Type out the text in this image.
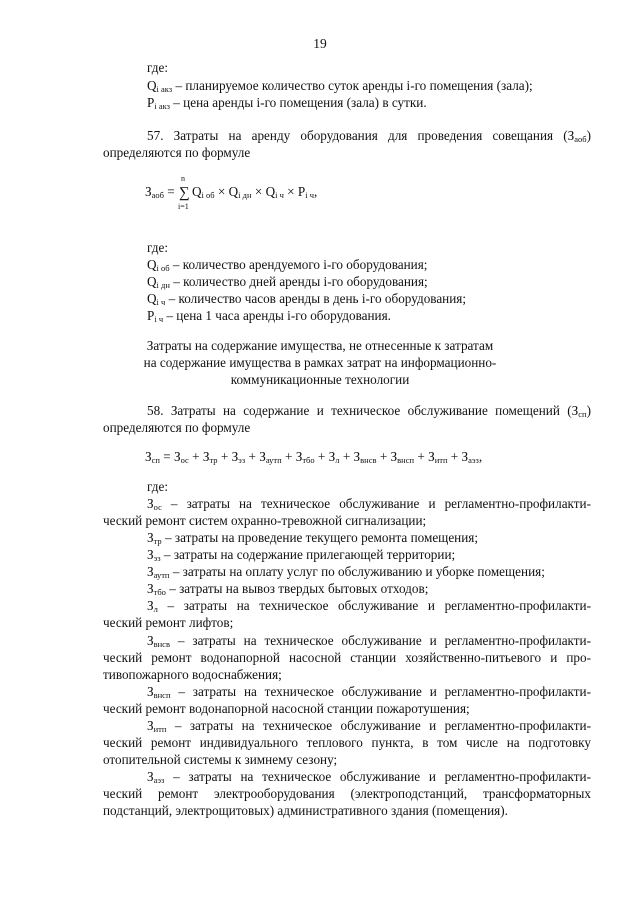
19
где:
$Q_{i акз}$ – планируемое количество суток аренды i-го помещения (зала);
$P_{i акз}$ – цена аренды i-го помещения (зала) в сутки.
57. Затраты на аренду оборудования для проведения совещания $(З_{аоб})$
определяются по формуле
$З_{аоб}$ =
n
∑
i=1
$Q_{i об} \times Q_{i дн} \times Q_{i ч} \times P_{i ч}$,
где:
$Q_{i об}$ – количество арендуемого i-го оборудования;
$Q_{i дн}$ – количество дней аренды i-го оборудования;
$Q_{i ч}$ – количество часов аренды в день i-го оборудования;
$P_{i ч}$ – цена 1 часа аренды i-го оборудования.
Затраты на содержание имущества, не отнесенные к затратам
на содержание имущества в рамках затрат на информационно-
коммуникационные технологии
58. Затраты на содержание и техническое обслуживание помещений $(З_{сп})$
определяются по формуле
$З_{сп} = З_{ос} + З_{тр} + З_{эз} + З_{аутп} + З_{тбо} + З_л + З_{внсв} + З_{внсп} + З_{итп} + З_{аэз}$,
где:
$З_{ос}$ – затраты на техническое обслуживание и регламентно-профилакти-
ческий ремонт систем охранно-тревожной сигнализации;
$З_{тр}$ – затраты на проведение текущего ремонта помещения;
$З_{эз}$ – затраты на содержание прилегающей территории;
$З_{аутп}$ – затраты на оплату услуг по обслуживанию и уборке помещения;
$З_{тбо}$ – затраты на вывоз твердых бытовых отходов;
$З_л$ – затраты на техническое обслуживание и регламентно-профилакти-
ческий ремонт лифтов;
$З_{внсв}$ – затраты на техническое обслуживание и регламентно-профилакти-
ческий ремонт водонапорной насосной станции хозяйственно-питьевого и про-
тивопожарного водоснабжения;
$З_{внсп}$ – затраты на техническое обслуживание и регламентно-профилакти-
ческий ремонт водонапорной насосной станции пожаротушения;
$З_{итп}$ – затраты на техническое обслуживание и регламентно-профилакти-
ческий ремонт индивидуального теплового пункта, в том числе на подготовку
отопительной системы к зимнему сезону;
$З_{аэз}$ – затраты на техническое обслуживание и регламентно-профилакти-
ческий ремонт электрооборудования (электроподстанций, трансформаторных
подстанций, электрощитовых) административного здания (помещения).
